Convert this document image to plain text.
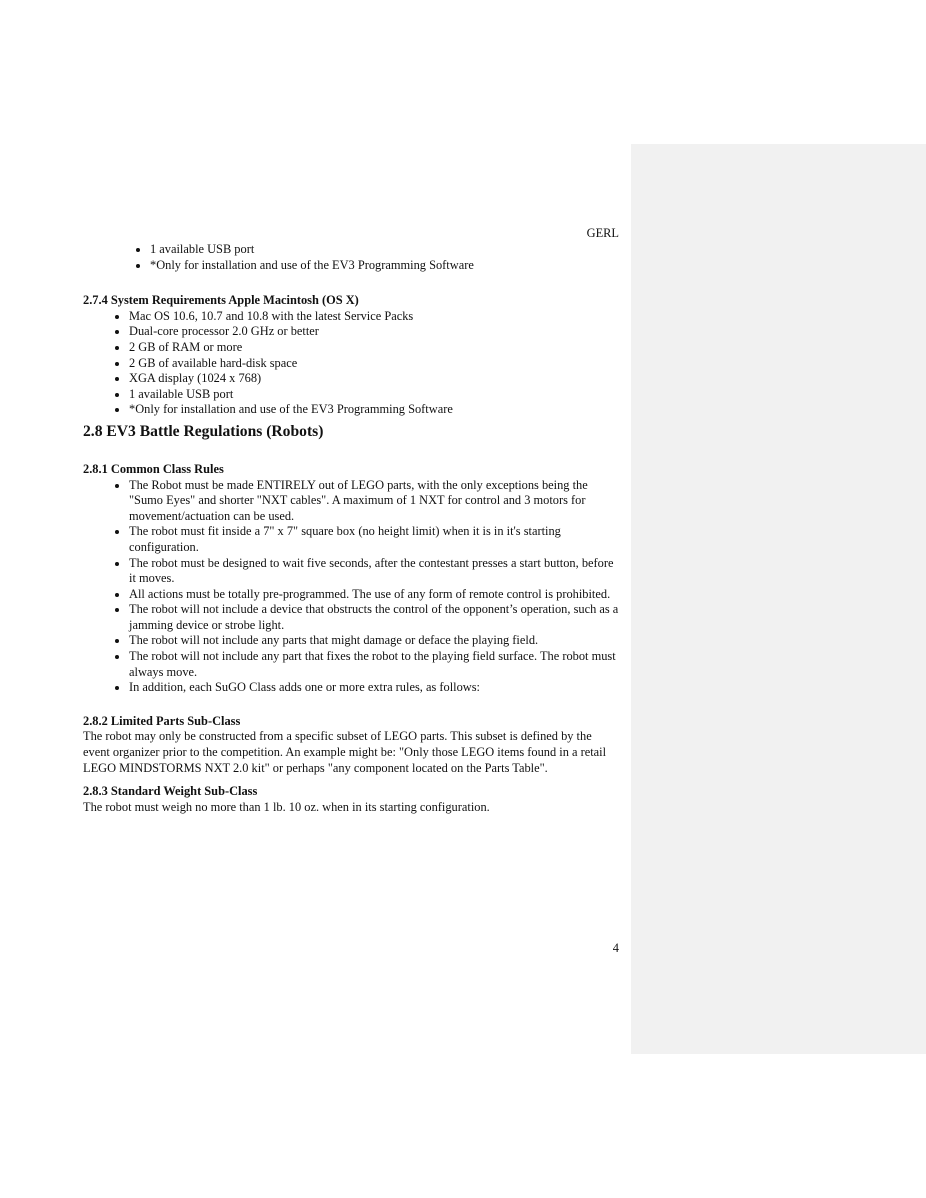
GERL
1 available USB port
*Only for installation and use of the EV3 Programming Software
2.7.4 System Requirements Apple Macintosh (OS X)
Mac OS 10.6, 10.7 and 10.8 with the latest Service Packs
Dual-core processor 2.0 GHz or better
2 GB of RAM or more
2 GB of available hard-disk space
XGA display (1024 x 768)
1 available USB port
*Only for installation and use of the EV3 Programming Software
2.8 EV3 Battle Regulations (Robots)
2.8.1 Common Class Rules
The Robot must be made ENTIRELY out of LEGO parts, with the only exceptions being the "Sumo Eyes" and shorter "NXT cables". A maximum of 1 NXT for control and 3 motors for movement/actuation can be used.
The robot must fit inside a 7" x 7" square box (no height limit) when it is in it's starting configuration.
The robot must be designed to wait five seconds, after the contestant presses a start button, before it moves.
All actions must be totally pre-programmed. The use of any form of remote control is prohibited.
The robot will not include a device that obstructs the control of the opponent’s operation, such as a jamming device or strobe light.
The robot will not include any parts that might damage or deface the playing field.
The robot will not include any part that fixes the robot to the playing field surface. The robot must always move.
In addition, each SuGO Class adds one or more extra rules, as follows:
2.8.2 Limited Parts Sub-Class

The robot may only be constructed from a specific subset of LEGO parts. This subset is defined by the event organizer prior to the competition. An example might be: "Only those LEGO items found in a retail LEGO MINDSTORMS NXT 2.0 kit" or perhaps "any component located on the Parts Table".

2.8.3 Standard Weight Sub-Class

The robot must weigh no more than 1 lb. 10 oz. when in its starting configuration.

4
